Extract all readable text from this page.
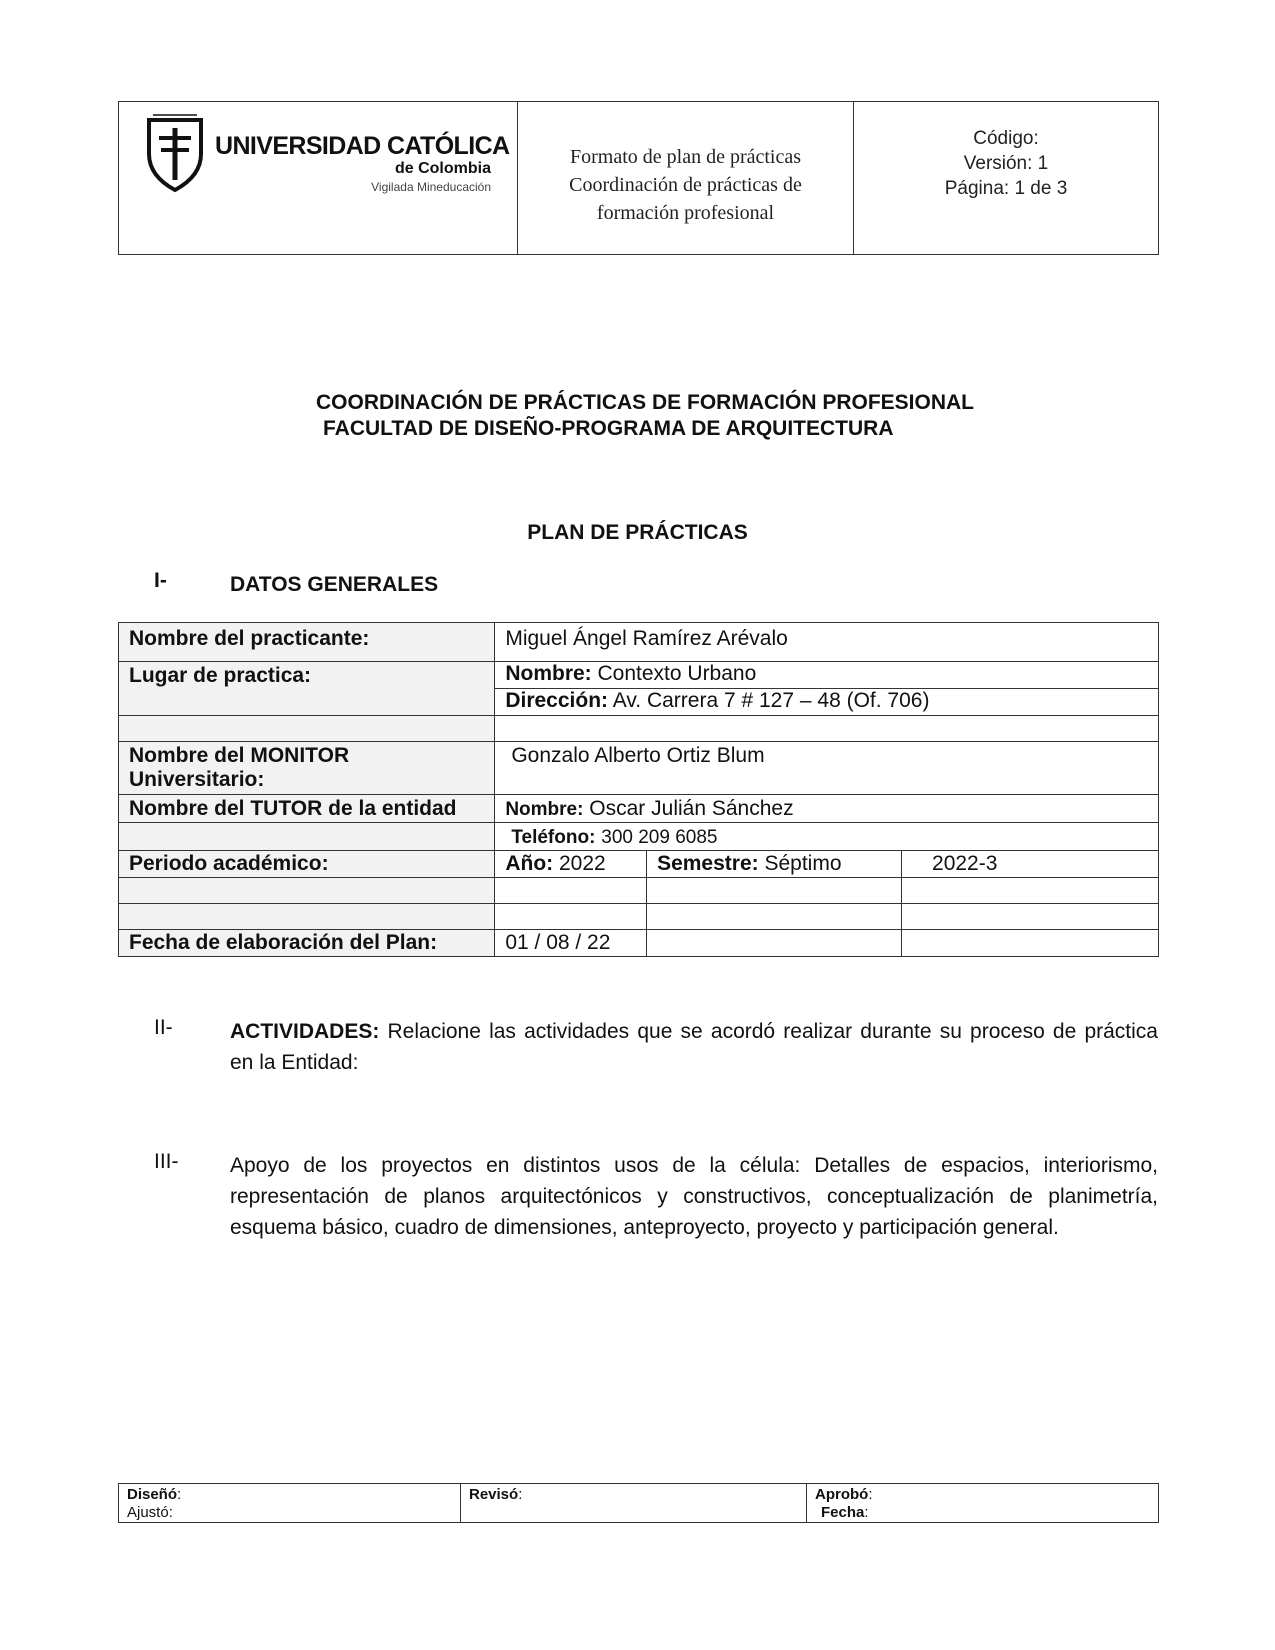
UNIVERSIDAD CATÓLICA
de Colombia
Vigilada Mineducación
Formato de plan de prácticas
Coordinación de prácticas de
formación profesional
Código:
Versión: 1
Página: 1 de 3
COORDINACIÓN DE PRÁCTICAS DE FORMACIÓN PROFESIONAL
FACULTAD DE DISEÑO-PROGRAMA DE ARQUITECTURA
PLAN DE PRÁCTICAS
I-	DATOS GENERALES
Nombre del practicante:	Miguel Ángel Ramírez Arévalo		
Lugar de practica:	Nombre: Contexto Urbano		
	Dirección: Av. Carrera 7 # 127 – 48 (Of. 706)		

Nombre del MONITOR
Universitario:	Gonzalo Alberto Ortiz Blum		
Nombre del TUTOR de la entidad	Nombre: Oscar Julián Sánchez		
	Teléfono: 300 209 6085		
Periodo académico:	Año: 2022	Semestre: Séptimo	2022-3

Fecha de elaboración del Plan:	01 / 08 / 22		
II-	ACTIVIDADES: Relacione las actividades que se acordó realizar durante su proceso de práctica en la Entidad:
III- Apoyo de los proyectos en distintos usos de la célula: Detalles de espacios, interiorismo, representación de planos arquitectónicos y constructivos, conceptualización de planimetría, esquema básico, cuadro de dimensiones, anteproyecto, proyecto y participación general.
Diseñó:
Ajustó:
Revisó:	Aprobó:
Fecha:
